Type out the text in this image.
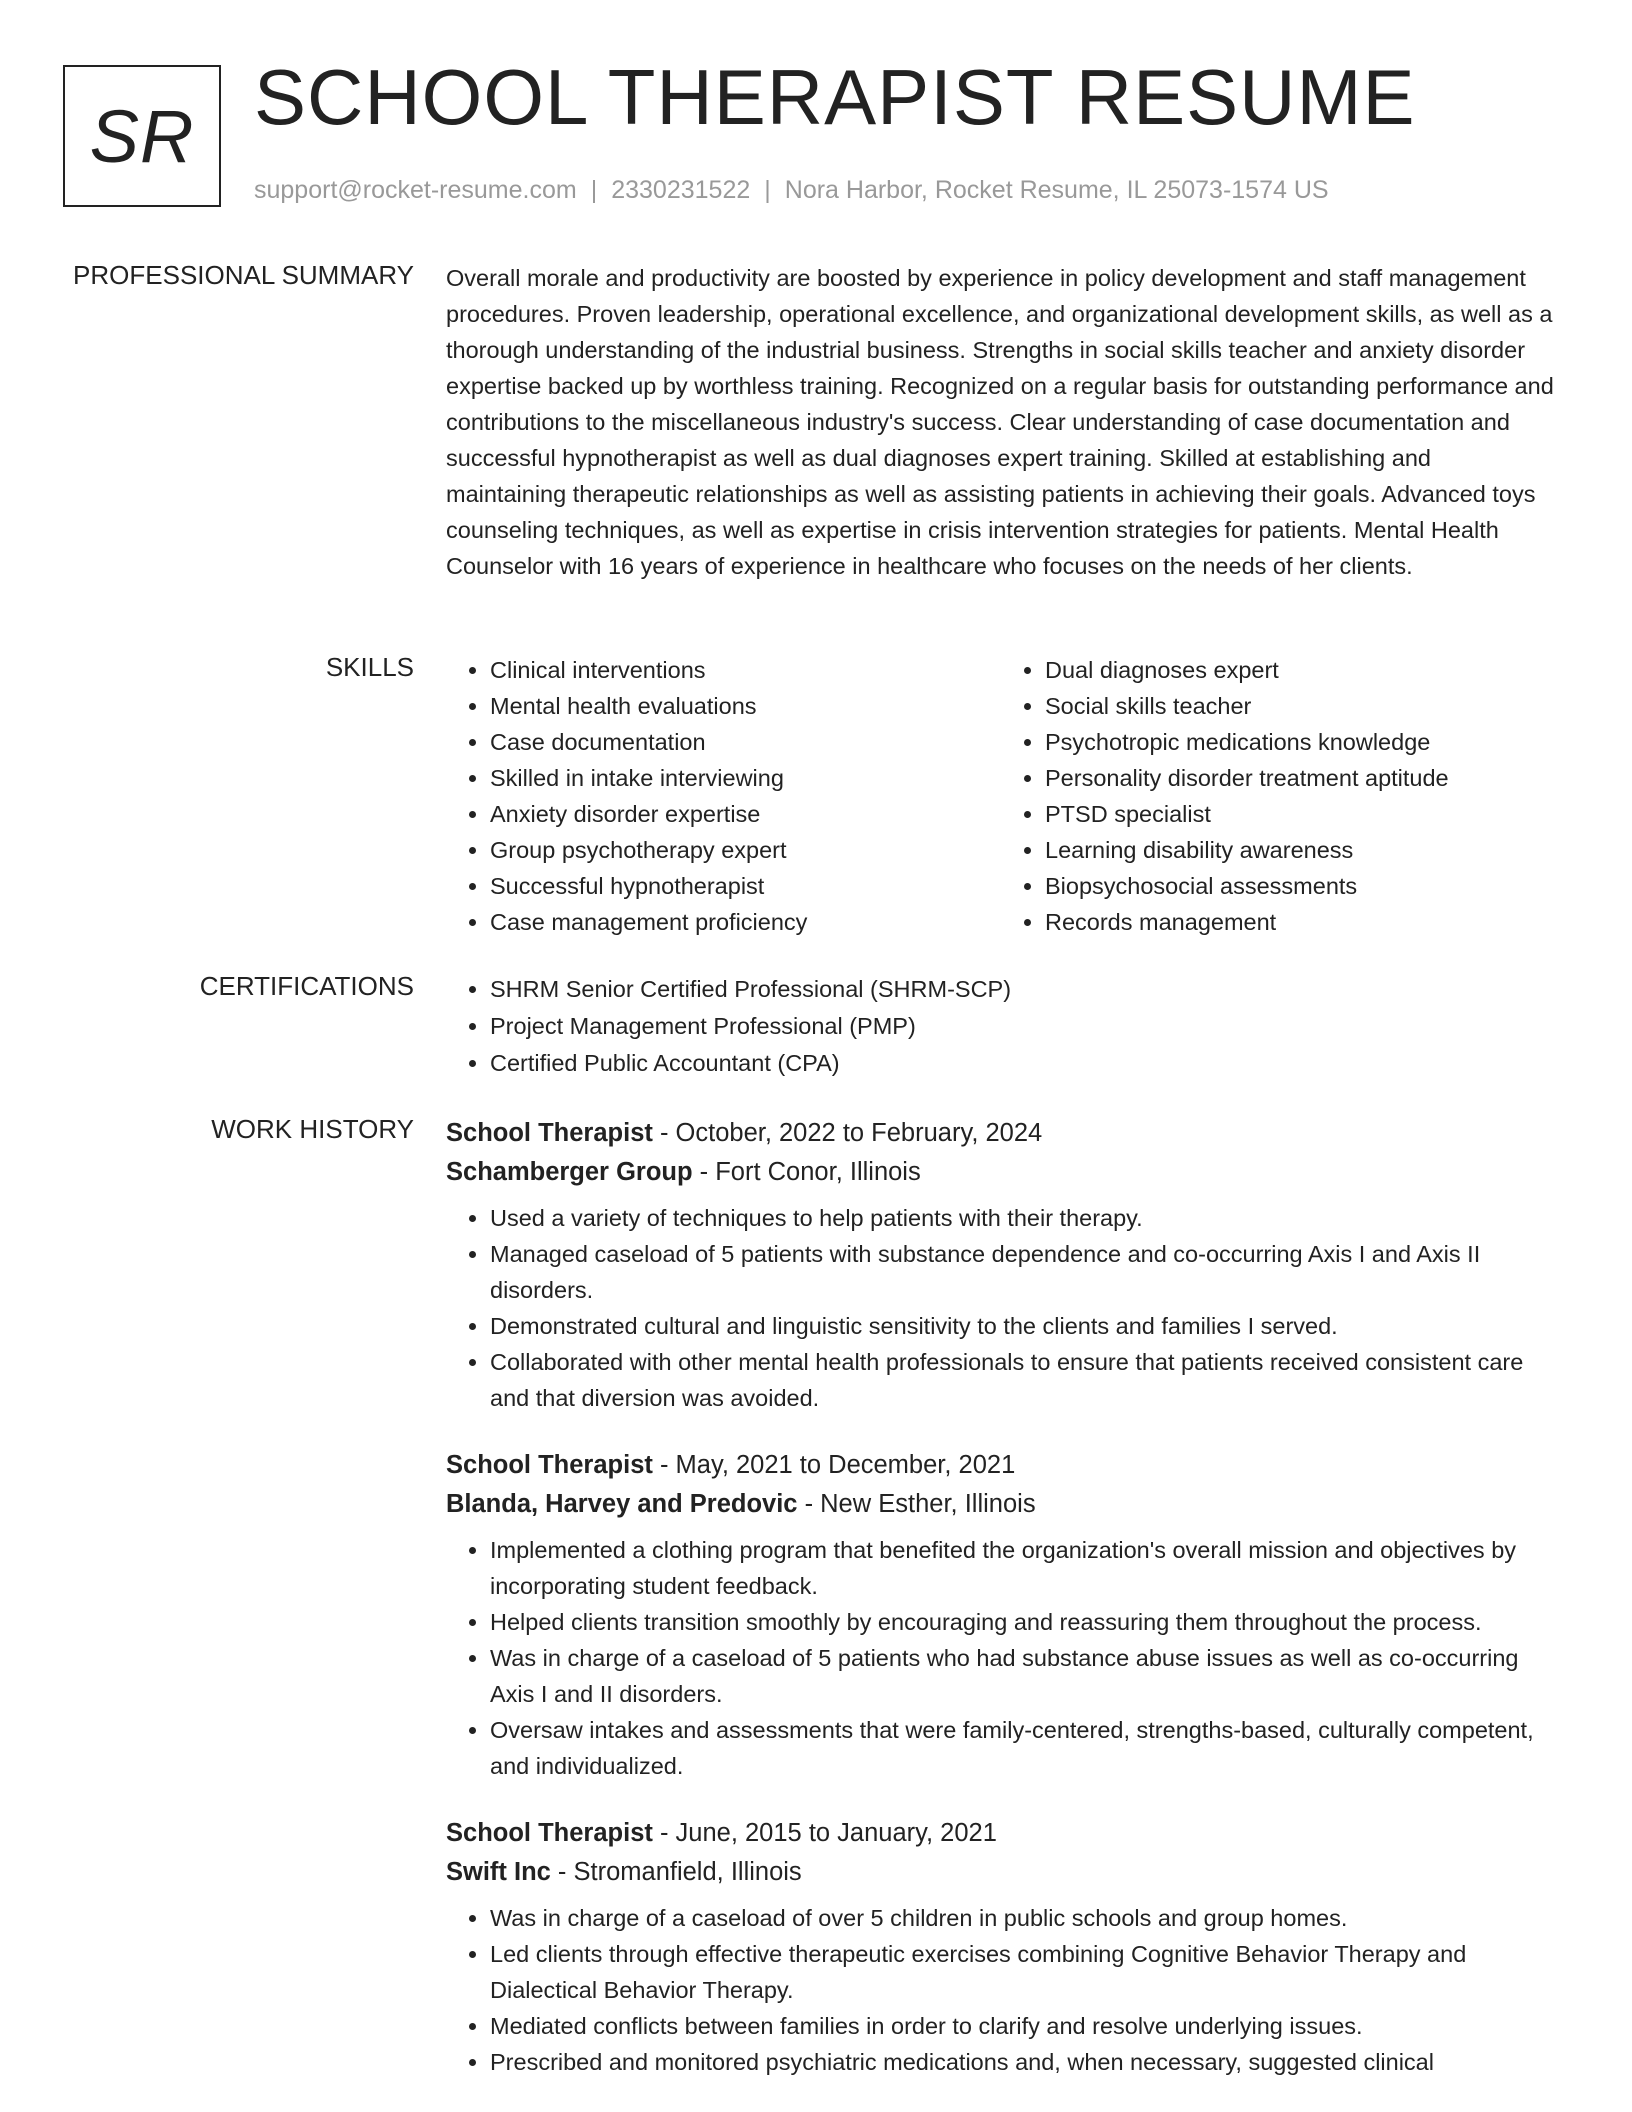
SR SCHOOL THERAPIST RESUME
support@rocket-resume.com | 2330231522 | Nora Harbor, Rocket Resume, IL 25073-1574 US
PROFESSIONAL SUMMARY Overall morale and productivity are boosted by experience in policy development and staff management procedures. Proven leadership, operational excellence, and organizational development skills, as well as a thorough understanding of the industrial business. Strengths in social skills teacher and anxiety disorder expertise backed up by worthless training. Recognized on a regular basis for outstanding performance and contributions to the miscellaneous industry's success. Clear understanding of case documentation and successful hypnotherapist as well as dual diagnoses expert training. Skilled at establishing and maintaining therapeutic relationships as well as assisting patients in achieving their goals. Advanced toys counseling techniques, as well as expertise in crisis intervention strategies for patients. Mental Health Counselor with 16 years of experience in healthcare who focuses on the needs of her clients.

SKILLS	• Clinical interventions
• Mental health evaluations
• Case documentation
• Skilled in intake interviewing
• Anxiety disorder expertise
• Group psychotherapy expert
• Successful hypnotherapist
• Case management proficiency
• Dual diagnoses expert
• Social skills teacher
• Psychotropic medications knowledge
• Personality disorder treatment aptitude
• PTSD specialist
• Learning disability awareness
• Biopsychosocial assessments
• Records management
CERTIFICATIONS	• SHRM Senior Certified Professional (SHRM-SCP)
• Project Management Professional (PMP)
• Certified Public Accountant (CPA)
WORK HISTORY School Therapist - October, 2022 to February, 2024
Schamberger Group - Fort Conor, Illinois
• Used a variety of techniques to help patients with their therapy.
• Managed caseload of 5 patients with substance dependence and co-occurring Axis I and Axis II disorders.
• Demonstrated cultural and linguistic sensitivity to the clients and families I served.
• Collaborated with other mental health professionals to ensure that patients received consistent care and that diversion was avoided.
School Therapist - May, 2021 to December, 2021
Blanda, Harvey and Predovic - New Esther, Illinois
• Implemented a clothing program that benefited the organization's overall mission and objectives by incorporating student feedback.
• Helped clients transition smoothly by encouraging and reassuring them throughout the process.
• Was in charge of a caseload of 5 patients who had substance abuse issues as well as co-occurring Axis I and II disorders.
• Oversaw intakes and assessments that were family-centered, strengths-based, culturally competent, and individualized.
School Therapist - June, 2015 to January, 2021
Swift Inc - Stromanfield, Illinois
• Was in charge of a caseload of over 5 children in public schools and group homes.
• Led clients through effective therapeutic exercises combining Cognitive Behavior Therapy and Dialectical Behavior Therapy.
• Mediated conflicts between families in order to clarify and resolve underlying issues.
• Prescribed and monitored psychiatric medications and, when necessary, suggested clinical
